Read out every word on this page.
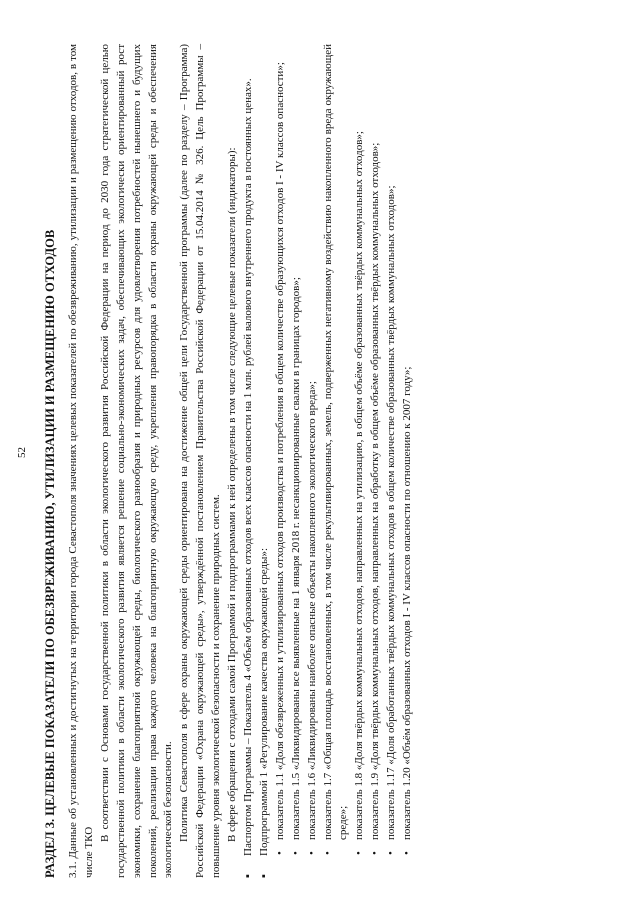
52 РАЗДЕЛ 3. ЦЕЛЕВЫЕ ПОКАЗАТЕЛИ ПО ОБЕЗВРЕЖИВАНИЮ, УТИЛИЗАЦИИ И РАЗМЕЩЕНИЮ ОТХОДОВ 3.1. Данные об установленных и достигнутых на территории города Севастополя значениях целевых показателей по обезвреживанию, утилизации и размещению отходов, в том числе ТКО

В соответствии с Основами государственной политики в области экологического развития Российской Федерации на период до 2030 года стратегической целью государственной политики в области экологического развития является решение социально-экономических задач, обеспечивающих экологически ориентированный рост экономики, сохранение благоприятной окружающей среды, биологического разнообразия и природных ресурсов для удовлетворения потребностей нынешнего и будущих поколений, реализации права каждого человека на благоприятную окружающую среду, укрепления правопорядка в области охраны окружающей среды и обеспечения экологической безопасности. Политика Севастополя в сфере охраны окружающей среды ориентирована на достижение общей цели Государственной программы (далее по разделу – Программа) Российской Федерации «Охрана окружающей среды», утверждённой постановлением Правительства Российской Федерации от 15.04.2014 № 326. Цель Программы – повышение уровня экологической безопасности и сохранение природных систем. В сфере обращения с отходами самой Программой и подпрограммами к ней определены в том числе следующие целевые показатели (индикаторы): ▪ Паспортом Программы – Показатель 4 «Объём образованных отходов всех классов опасности на 1 млн. рублей валового внутреннего продукта в постоянных ценах». ▪ Подпрограммой 1 «Регулирование качества окружающей среды»: • показатель 1.1 «Доля обезвреженных и утилизированных отходов производства и потребления в общем количестве образующихся отходов I - IV классов опасности»; • показатель 1.5 «Ликвидированы все выявленные на 1 января 2018 г. несанкционированные свалки в границах городов»; • показатель 1.6 «Ликвидированы наиболее опасные объекты накопленного экологического вреда»; • показатель 1.7 «Общая площадь восстановленных, в том числе рекультивированных, земель, подверженных негативному воздействию накопленного вреда окружающей среде»; • показатель 1.8 «Доля твёрдых коммунальных отходов, направленных на утилизацию, в общем объёме образованных твёрдых коммунальных отходов»; • показатель 1.9 «Доля твёрдых коммунальных отходов, направленных на обработку в общем объёме образованных твёрдых коммунальных отходов»; • показатель 1.17 «Доля обработанных твёрдых коммунальных отходов в общем количестве образованных твёрдых коммунальных отходов»; • показатель 1.20 «Объём образованных отходов I - IV классов опасности по отношению к 2007 году»;
